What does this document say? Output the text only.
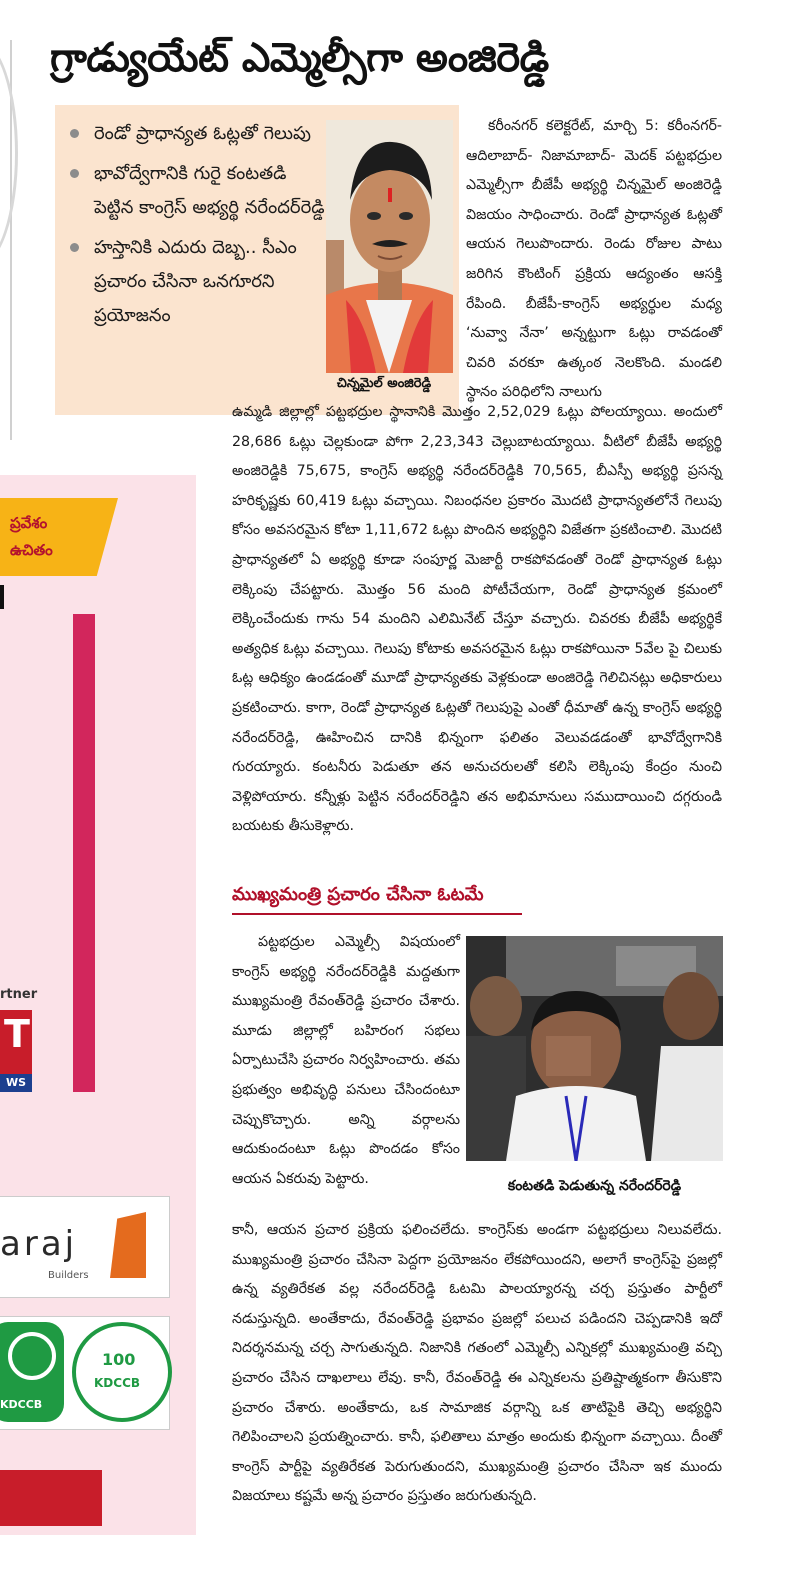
ప్రవేశం
ఉచితం
rtner
T
WS
araj
Builders
KDCCB
100
KDCCB
గ్రాడ్యుయేట్ ఎమ్మెల్సీగా అంజిరెడ్డి
రెండో ప్రాధాన్యత ఓట్లతో గెలుపు
భావోద్వేగానికి గురై కంటతడి పెట్టిన కాంగ్రెస్ అభ్యర్థి నరేందర్‌రెడ్డి
హస్తానికి ఎదురు దెబ్బ.. సీఎం ప్రచారం చేసినా ఒనగూరని ప్రయోజనం
చిన్నమైల్ అంజిరెడ్డి

కరీంనగర్ కలెక్టరేట్, మార్చి 5: కరీంనగర్- ఆదిలాబాద్- నిజామాబాద్- మెదక్ పట్టభద్రుల ఎమ్మెల్సీగా బీజేపీ అభ్యర్థి చిన్నమైల్ అంజిరెడ్డి విజయం సాధించారు. రెండో ప్రాధాన్యత ఓట్లతో ఆయన గెలుపొందారు. రెండు రోజుల పాటు జరిగిన కౌంటింగ్ ప్రక్రియ ఆద్యంతం ఆసక్తి రేపింది. బీజేపీ-కాంగ్రెస్ అభ్యర్థుల మధ్య ‘నువ్వా నేనా’ అన్నట్టుగా ఓట్లు రావడంతో చివరి వరకూ ఉత్కంఠ నెలకొంది. మండలి స్థానం పరిధిలోని నాలుగు

ఉమ్మడి జిల్లాల్లో పట్టభద్రుల స్థానానికి మొత్తం 2,52,029 ఓట్లు పోలయ్యాయి. అందులో 28,686 ఓట్లు చెల్లకుండా పోగా 2,23,343 చెల్లుబాటయ్యాయి. వీటిలో బీజేపీ అభ్యర్థి అంజిరెడ్డికి 75,675, కాంగ్రెస్ అభ్యర్థి నరేందర్‌రెడ్డికి 70,565, బీఎస్పీ అభ్యర్థి ప్రసన్న హరికృష్ణకు 60,419 ఓట్లు వచ్చాయి. నిబంధనల ప్రకారం మొదటి ప్రాధాన్యతలోనే గెలుపు కోసం అవసరమైన కోటా 1,11,672 ఓట్లు పొందిన అభ్యర్థిని విజేతగా ప్రకటించాలి. మొదటి ప్రాధాన్యతలో ఏ అభ్యర్థి కూడా సంపూర్ణ మెజార్టీ రాకపోవడంతో రెండో ప్రాధాన్యత ఓట్లు లెక్కింపు చేపట్టారు. మొత్తం 56 మంది పోటీచేయగా, రెండో ప్రాధాన్యత క్రమంలో లెక్కించేందుకు గాను 54 మందిని ఎలిమినేట్ చేస్తూ వచ్చారు. చివరకు బీజేపీ అభ్యర్థికే అత్యధిక ఓట్లు వచ్చాయి. గెలుపు కోటాకు అవసరమైన ఓట్లు రాకపోయినా 5వేల పై చిలుకు ఓట్ల ఆధిక్యం ఉండడంతో మూడో ప్రాధాన్యతకు వెళ్లకుండా అంజిరెడ్డి గెలిచినట్లు అధికారులు ప్రకటించారు. కాగా, రెండో ప్రాధాన్యత ఓట్లతో గెలుపుపై ఎంతో ధీమాతో ఉన్న కాంగ్రెస్ అభ్యర్థి నరేందర్‌రెడ్డి, ఊహించిన దానికి భిన్నంగా ఫలితం వెలువడడంతో భావోద్వేగానికి గురయ్యారు. కంటనీరు పెడుతూ తన అనుచరులతో కలిసి లెక్కింపు కేంద్రం నుంచి వెళ్లిపోయారు. కన్నీళ్లు పెట్టిన నరేందర్‌రెడ్డిని తన అభిమానులు సముదాయించి దగ్గరుండి బయటకు తీసుకెళ్లారు.

ముఖ్యమంత్రి ప్రచారం చేసినా ఓటమే

పట్టభద్రుల ఎమ్మెల్సీ విషయంలో కాంగ్రెస్ అభ్యర్థి నరేందర్‌రెడ్డికి మద్దతుగా ముఖ్యమంత్రి రేవంత్‌రెడ్డి ప్రచారం చేశారు. మూడు జిల్లాల్లో బహిరంగ సభలు ఏర్పాటుచేసి ప్రచారం నిర్వహించారు. తమ ప్రభుత్వం అభివృద్ధి పనులు చేసిందంటూ చెప్పుకొచ్చారు. అన్ని వర్గాలను ఆదుకుందంటూ ఓట్లు పొందడం కోసం ఆయన ఏకరువు పెట్టారు.	కంటతడి పెడుతున్న నరేందర్‌రెడ్డి

కానీ, ఆయన ప్రచార ప్రక్రియ ఫలించలేదు. కాంగ్రెస్‌కు అండగా పట్టభద్రులు నిలువలేదు. ముఖ్యమంత్రి ప్రచారం చేసినా పెద్దగా ప్రయోజనం లేకపోయిందని, అలాగే కాంగ్రెస్‌పై ప్రజల్లో ఉన్న వ్యతిరేకత వల్ల నరేందర్‌రెడ్డి ఓటమి పాలయ్యారన్న చర్చ ప్రస్తుతం పార్టీలో నడుస్తున్నది. అంతేకాదు, రేవంత్‌రెడ్డి ప్రభావం ప్రజల్లో పలుచ పడిందని చెప్పడానికి ఇదో నిదర్శనమన్న చర్చ సాగుతున్నది. నిజానికి గతంలో ఎమ్మెల్సీ ఎన్నికల్లో ముఖ్యమంత్రి వచ్చి ప్రచారం చేసిన దాఖలాలు లేవు. కానీ, రేవంత్‌రెడ్డి ఈ ఎన్నికలను ప్రతిష్టాత్మకంగా తీసుకొని ప్రచారం చేశారు. అంతేకాదు, ఒక సామాజిక వర్గాన్ని ఒక తాటిపైకి తెచ్చి అభ్యర్థిని గెలిపించాలని ప్రయత్నించారు. కానీ, ఫలితాలు మాత్రం అందుకు భిన్నంగా వచ్చాయి. దీంతో కాంగ్రెస్ పార్టీపై వ్యతిరేకత పెరుగుతుందని, ముఖ్యమంత్రి ప్రచారం చేసినా ఇక ముందు విజయాలు కష్టమే అన్న ప్రచారం ప్రస్తుతం జరుగుతున్నది.
